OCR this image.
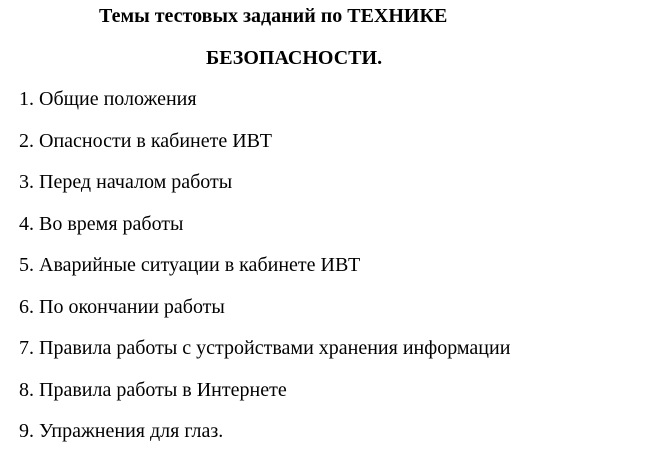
Темы тестовых заданий по ТЕХНИКЕ
БЕЗОПАСНОСТИ.
1. Общие положения
2. Опасности в кабинете ИВТ
3. Перед началом работы
4. Во время работы
5. Аварийные ситуации в кабинете ИВТ
6. По окончании работы
7. Правила работы с устройствами хранения информации
8. Правила работы в Интернете
9. Упражнения для глаз.
